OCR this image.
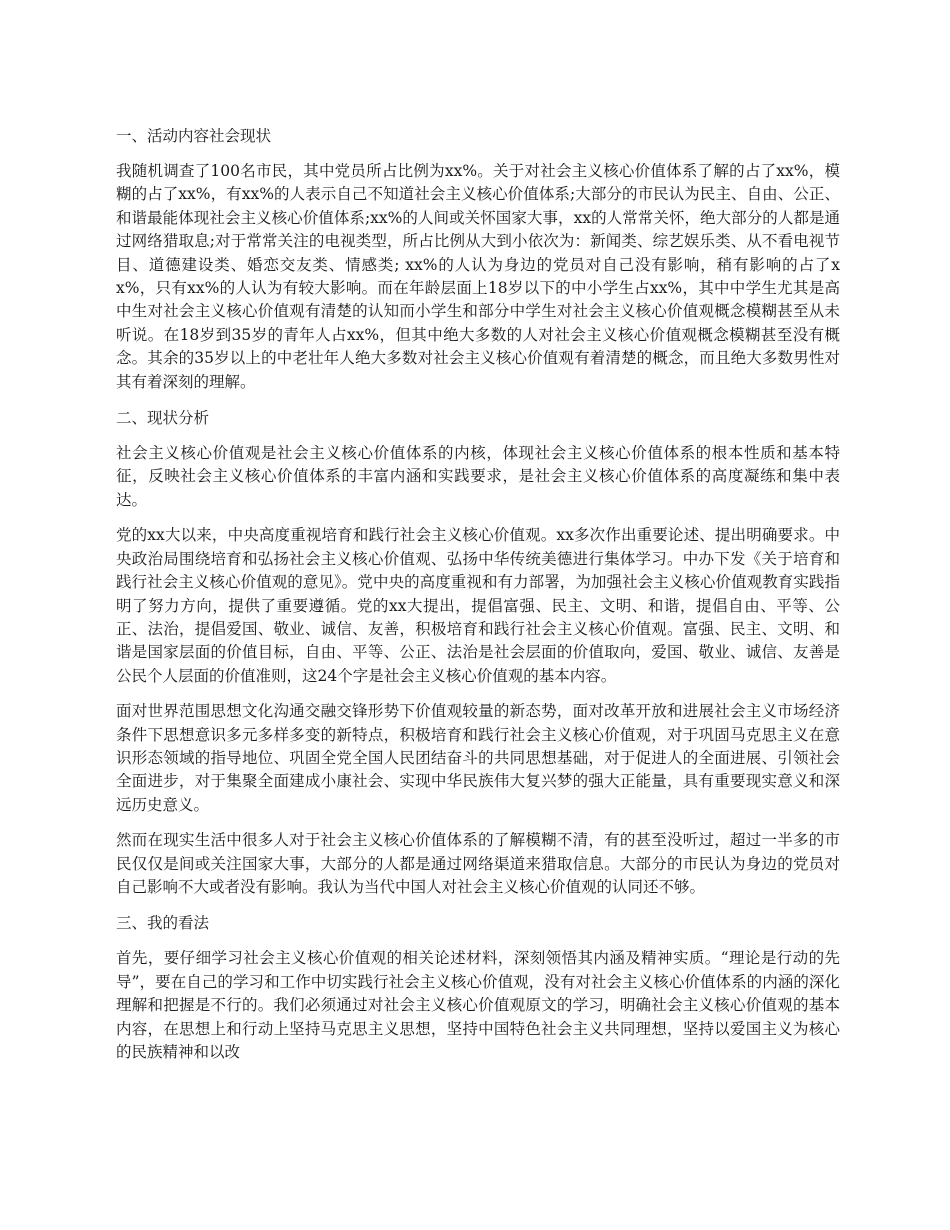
一、活动内容社会现状

我随机调查了100名市民，其中党员所占比例为xx%。关于对社会主义核心价值体系了解的占了xx%，模糊的占了xx%，有xx%的人表示自己不知道社会主义核心价值体系;大部分的市民认为民主、自由、公正、和谐最能体现社会主义核心价值体系;xx%的人间或关怀国家大事，xx的人常常关怀，绝大部分的人都是通过网络猎取息;对于常常关注的电视类型，所占比例从大到小依次为：新闻类、综艺娱乐类、从不看电视节目、道德建设类、婚恋交友类、情感类; xx%的人认为身边的党员对自己没有影响，稍有影响的占了xx%，只有xx%的人认为有较大影响。而在年龄层面上18岁以下的中小学生占xx%，其中中学生尤其是高中生对社会主义核心价值观有清楚的认知而小学生和部分中学生对社会主义核心价值观概念模糊甚至从未听说。在18岁到35岁的青年人占xx%，但其中绝大多数的人对社会主义核心价值观概念模糊甚至没有概念。其余的35岁以上的中老壮年人绝大多数对社会主义核心价值观有着清楚的概念，而且绝大多数男性对其有着深刻的理解。

二、现状分析

社会主义核心价值观是社会主义核心价值体系的内核，体现社会主义核心价值体系的根本性质和基本特征，反映社会主义核心价值体系的丰富内涵和实践要求，是社会主义核心价值体系的高度凝练和集中表达。

党的xx大以来，中央高度重视培育和践行社会主义核心价值观。xx多次作出重要论述、提出明确要求。中央政治局围绕培育和弘扬社会主义核心价值观、弘扬中华传统美德进行集体学习。中办下发《关于培育和践行社会主义核心价值观的意见》。党中央的高度重视和有力部署，为加强社会主义核心价值观教育实践指明了努力方向，提供了重要遵循。党的xx大提出，提倡富强、民主、文明、和谐，提倡自由、平等、公正、法治，提倡爱国、敬业、诚信、友善，积极培育和践行社会主义核心价值观。富强、民主、文明、和谐是国家层面的价值目标，自由、平等、公正、法治是社会层面的价值取向，爱国、敬业、诚信、友善是公民个人层面的价值准则，这24个字是社会主义核心价值观的基本内容。

面对世界范围思想文化沟通交融交锋形势下价值观较量的新态势，面对改革开放和进展社会主义市场经济条件下思想意识多元多样多变的新特点，积极培育和践行社会主义核心价值观，对于巩固马克思主义在意识形态领域的指导地位、巩固全党全国人民团结奋斗的共同思想基础，对于促进人的全面进展、引领社会全面进步，对于集聚全面建成小康社会、实现中华民族伟大复兴梦的强大正能量，具有重要现实意义和深远历史意义。

然而在现实生活中很多人对于社会主义核心价值体系的了解模糊不清，有的甚至没听过，超过一半多的市民仅仅是间或关注国家大事，大部分的人都是通过网络渠道来猎取信息。大部分的市民认为身边的党员对自己影响不大或者没有影响。我认为当代中国人对社会主义核心价值观的认同还不够。

三、我的看法

首先，要仔细学习社会主义核心价值观的相关论述材料，深刻领悟其内涵及精神实质。“理论是行动的先导”，要在自己的学习和工作中切实践行社会主义核心价值观，没有对社会主义核心价值体系的内涵的深化理解和把握是不行的。我们必须通过对社会主义核心价值观原文的学习，明确社会主义核心价值观的基本内容，在思想上和行动上坚持马克思主义思想，坚持中国特色社会主义共同理想，坚持以爱国主义为核心的民族精神和以改
